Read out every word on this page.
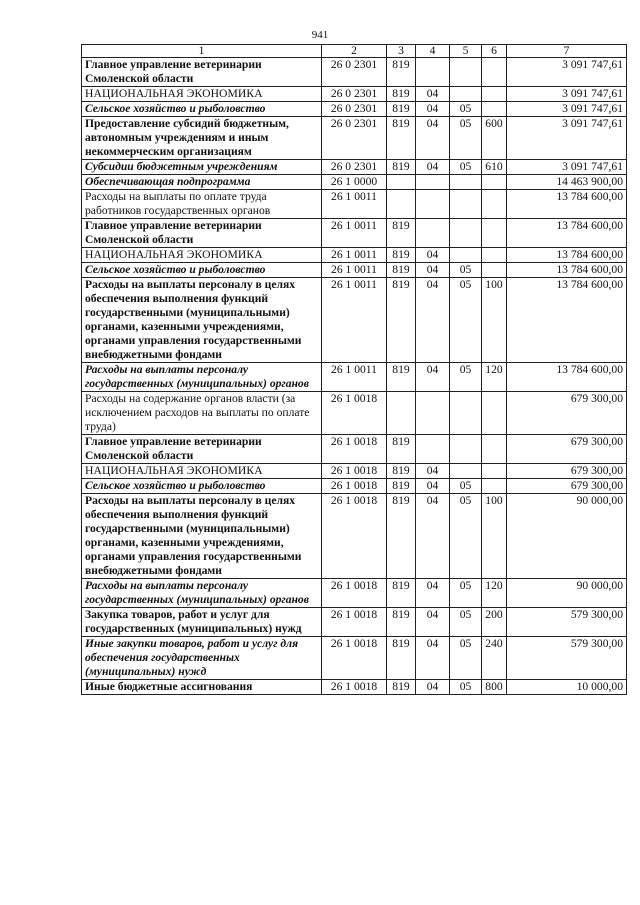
941
1	2	3	4	5	6	7
Главное управление ветеринарии Смоленской области	26 0 2301	819				3 091 747,61
НАЦИОНАЛЬНАЯ ЭКОНОМИКА	26 0 2301	819	04			3 091 747,61
Сельское хозяйство и рыболовство	26 0 2301	819	04	05		3 091 747,61
Предоставление субсидий бюджетным, автономным учреждениям и иным некоммерческим организациям	26 0 2301	819	04	05	600	3 091 747,61
Субсидии бюджетным учреждениям	26 0 2301	819	04	05	610	3 091 747,61
Обеспечивающая подпрограмма	26 1 0000					14 463 900,00
Расходы на выплаты по оплате труда работников государственных органов	26 1 0011					13 784 600,00
Главное управление ветеринарии Смоленской области	26 1 0011	819				13 784 600,00
НАЦИОНАЛЬНАЯ ЭКОНОМИКА	26 1 0011	819	04			13 784 600,00
Сельское хозяйство и рыболовство	26 1 0011	819	04	05		13 784 600,00
Расходы на выплаты персоналу в целях обеспечения выполнения функций государственными (муниципальными) органами, казенными учреждениями, органами управления государственными внебюджетными фондами	26 1 0011	819	04	05	100	13 784 600,00
Расходы на выплаты персоналу государственных (муниципальных) органов	26 1 0011	819	04	05	120	13 784 600,00
Расходы на содержание органов власти (за исключением расходов на выплаты по оплате труда)	26 1 0018					679 300,00
Главное управление ветеринарии Смоленской области	26 1 0018	819				679 300,00
НАЦИОНАЛЬНАЯ ЭКОНОМИКА	26 1 0018	819	04			679 300,00
Сельское хозяйство и рыболовство	26 1 0018	819	04	05		679 300,00
Расходы на выплаты персоналу в целях обеспечения выполнения функций государственными (муниципальными) органами, казенными учреждениями, органами управления государственными внебюджетными фондами	26 1 0018	819	04	05	100	90 000,00
Расходы на выплаты персоналу государственных (муниципальных) органов	26 1 0018	819	04	05	120	90 000,00
Закупка товаров, работ и услуг для государственных (муниципальных) нужд	26 1 0018	819	04	05	200	579 300,00
Иные закупки товаров, работ и услуг для обеспечения государственных (муниципальных) нужд	26 1 0018	819	04	05	240	579 300,00
Иные бюджетные ассигнования	26 1 0018	819	04	05	800	10 000,00
